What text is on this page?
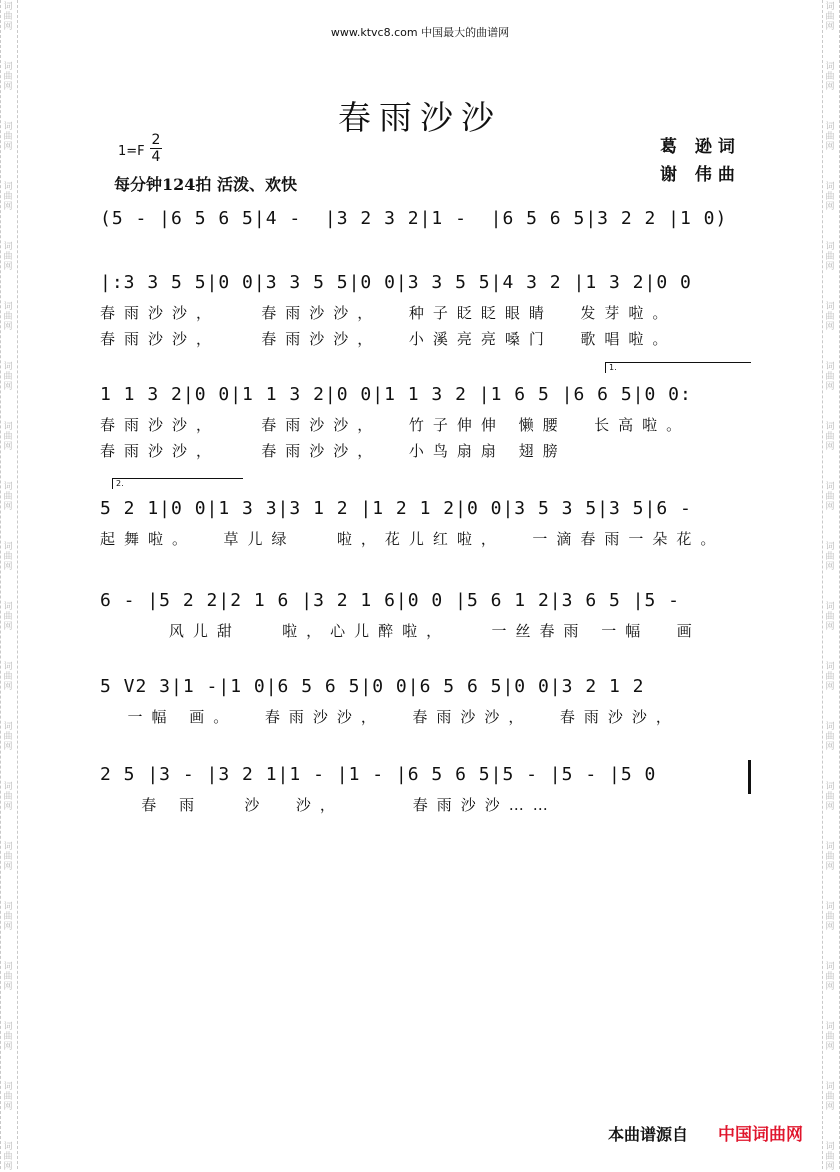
词
曲
网
词
曲
网
词
曲
网
词
曲
网
词
曲
网
词
曲
网
词
曲
网
词
曲
网
词
曲
网
词
曲
网
词
曲
网
词
曲
网
词
曲
网
词
曲
网
词
曲
网
词
曲
网
词
曲
网
词
曲
网
词
曲
网
词
曲
网
词
曲
网
词
曲
网
词
曲
网
词
曲
网
词
曲
网
词
曲
网
词
曲
网
词
曲
网
词
曲
网
词
曲
网
词
曲
网
词
曲
网
词
曲
网
词
曲
网
词
曲
网
词
曲
网
词
曲
网
词
曲
网
词
曲
网
词
曲
网
www.ktvc8.com 中国最大的曲谱网
春雨沙沙
$1=F \frac{2}{4}$
每分钟124拍 活泼、欢快
葛 逊词
谢 伟曲
(5 - |6 5 6 5|4 -  |3 2 3 2|1 -  |6 5 6 5|3 2 2 |1 0)
|:3 3 5 5|0 0|3 3 5 5|0 0|3 3 5 5|4 3 2 |1 3 2|0 0
春雨沙沙，   春雨沙沙，  种子眨眨眼睛  发芽啦。
春雨沙沙，   春雨沙沙，  小溪亮亮嗓门  歌唱啦。
1.
1 1 3 2|0 0|1 1 3 2|0 0|1 1 3 2 |1 6 5 |6 6 5|0 0:
春雨沙沙，   春雨沙沙，  竹子伸伸 懒腰  长高啦。
春雨沙沙，   春雨沙沙，  小鸟扇扇 翅膀
2.
5 2 1|0 0|1 3 3|3 1 2 |1 2 1 2|0 0|3 5 3 5|3 5|6 -
起舞啦。  草儿绿   啦，花儿红啦，  一滴春雨一朵花。
6 - |5 2 2|2 1 6 |3 2 1 6|0 0 |5 6 1 2|3 6 5 |5 -
风儿甜   啦，心儿醉啦，   一丝春雨 一幅  画
5 V2 3|1 -|1 0|6 5 6 5|0 0|6 5 6 5|0 0|3 2 1 2
一幅 画。  春雨沙沙，  春雨沙沙，  春雨沙沙，
2 5 |3 - |3 2 1|1 - |1 - |6 5 6 5|5 - |5 - |5 0
春 雨   沙  沙，     春雨沙沙……
本曲谱源自 中国词曲网
